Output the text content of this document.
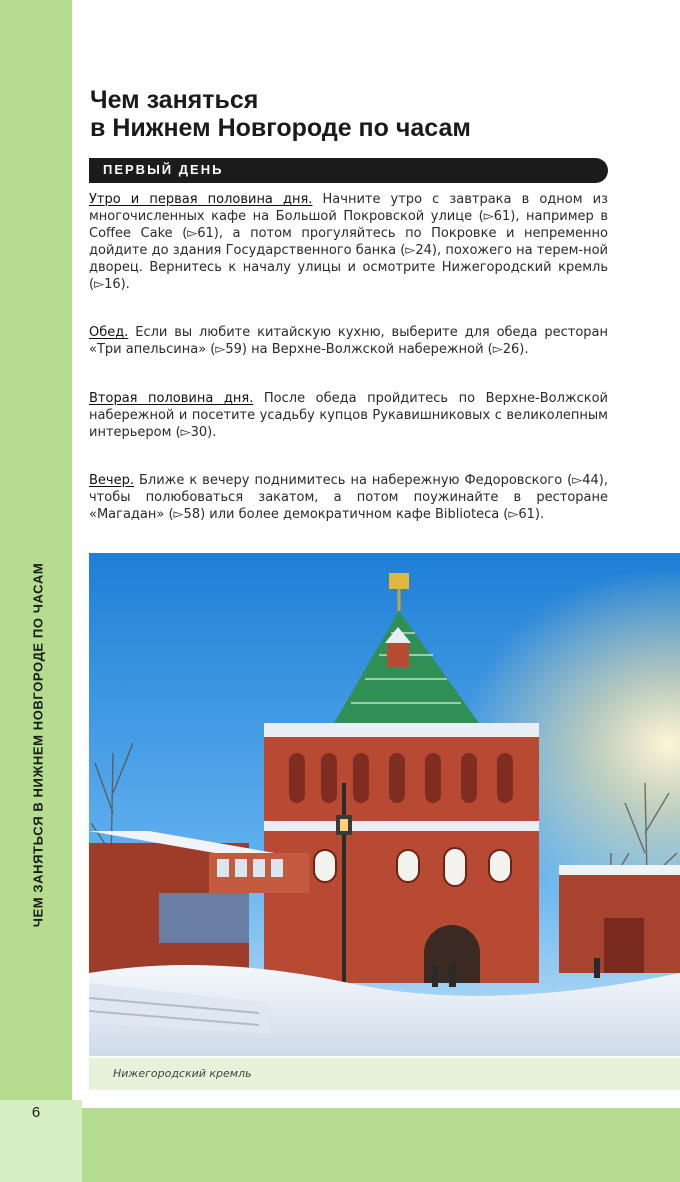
ЧЕМ ЗАНЯТЬСЯ В НИЖНЕМ НОВГОРОДЕ ПО ЧАСАМ
6
Чем заняться
в Нижнем Новгороде по часам
ПЕРВЫЙ ДЕНЬ

Утро и первая половина дня. Начните утро с завтрака в одном из многочисленных кафе на Большой Покровской улице (▻61), например в Coffee Cake (▻61), а потом прогуляйтесь по Покровке и непременно дойдите до здания Государственного банка (▻24), похожего на терем-ной дворец. Вернитесь к началу улицы и осмотрите Нижегородский кремль (▻16).

Обед. Если вы любите китайскую кухню, выберите для обеда ресторан «Три апельсина» (▻59) на Верхне-Волжской набережной (▻26).

Вторая половина дня. После обеда пройдитесь по Верхне-Волжской набережной и посетите усадьбу купцов Рукавишниковых с великолепным интерьером (▻30).

Вечер. Ближе к вечеру поднимитесь на набережную Федоровского (▻44), чтобы полюбоваться закатом, а потом поужинайте в ресторане «Магадан» (▻58) или более демократичном кафе Biblioteca (▻61).

Нижегородский кремль
